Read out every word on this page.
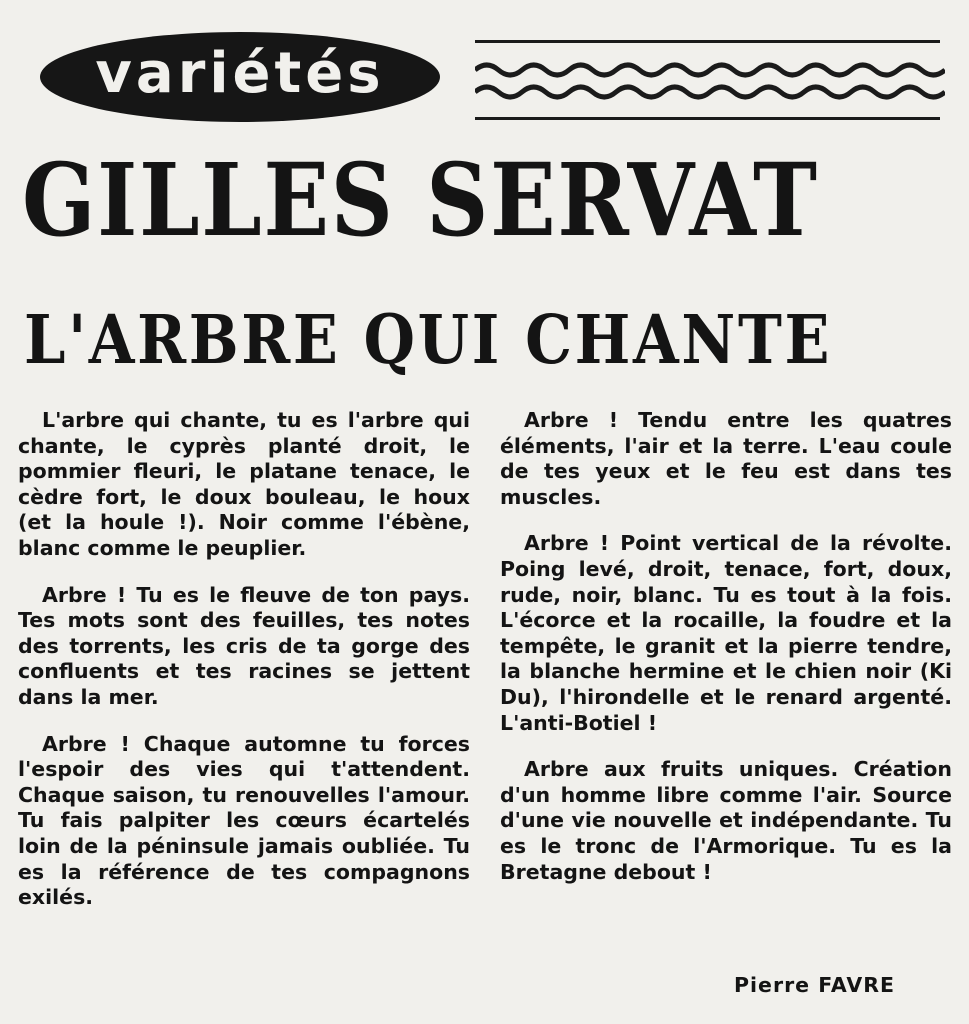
variétés
GILLES SERVAT
L'ARBRE QUI CHANTE

L'arbre qui chante, tu es l'arbre qui chante, le cyprès planté droit, le pommier fleuri, le platane tenace, le cèdre fort, le doux bouleau, le houx (et la houle !). Noir comme l'ébène, blanc comme le peuplier.

Arbre ! Tu es le fleuve de ton pays. Tes mots sont des feuilles, tes notes des torrents, les cris de ta gorge des confluents et tes racines se jettent dans la mer.

Arbre ! Chaque automne tu forces l'espoir des vies qui t'attendent. Chaque saison, tu renouvelles l'amour. Tu fais palpiter les cœurs écartelés loin de la péninsule jamais oubliée. Tu es la référence de tes compagnons exilés.

Arbre ! Tendu entre les quatres éléments, l'air et la terre. L'eau coule de tes yeux et le feu est dans tes muscles.

Arbre ! Point vertical de la révolte. Poing levé, droit, tenace, fort, doux, rude, noir, blanc. Tu es tout à la fois. L'écorce et la rocaille, la foudre et la tempête, le granit et la pierre tendre, la blanche hermine et le chien noir (Ki Du), l'hirondelle et le renard argenté. L'anti-Botiel !

Arbre aux fruits uniques. Création d'un homme libre comme l'air. Source d'une vie nouvelle et indépendante. Tu es le tronc de l'Armorique. Tu es la Bretagne debout !

Pierre FAVRE
